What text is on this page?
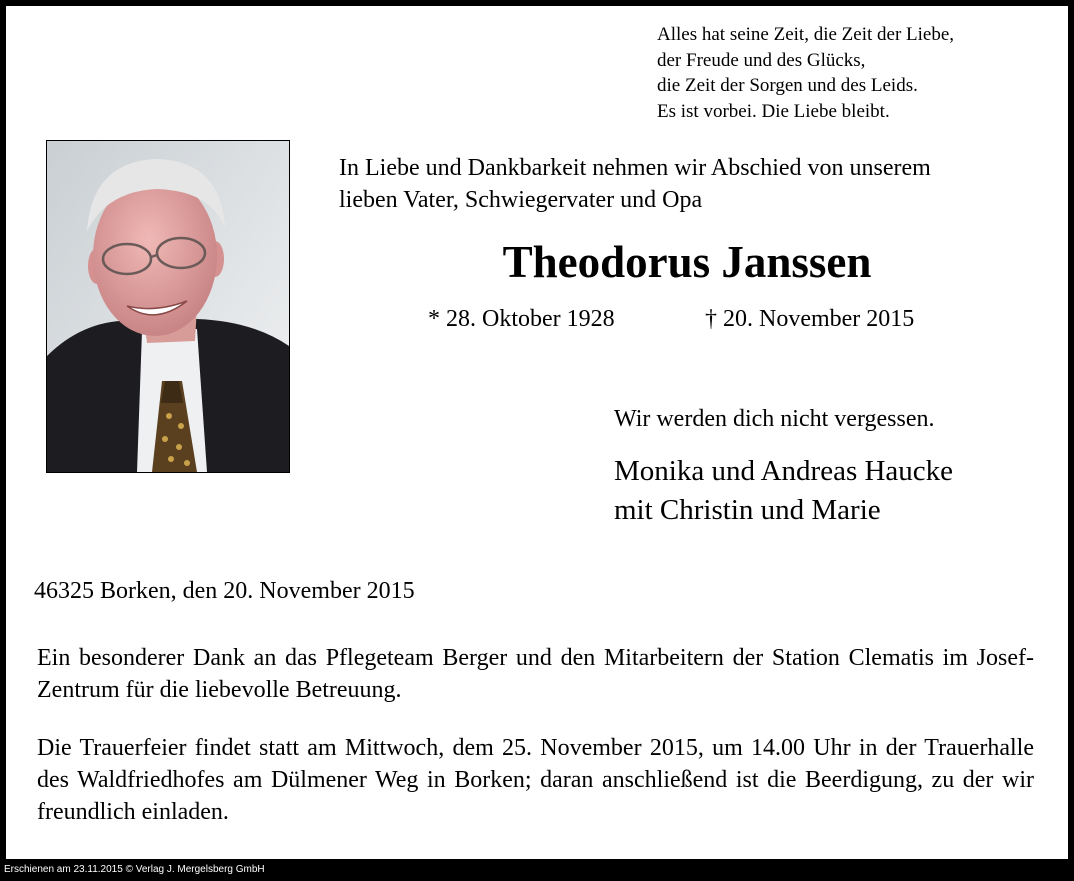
Alles hat seine Zeit, die Zeit der Liebe,
der Freude und des Glücks,
die Zeit der Sorgen und des Leids.
Es ist vorbei. Die Liebe bleibt.
In Liebe und Dankbarkeit nehmen wir Abschied von unserem
lieben Vater, Schwiegervater und Opa
Theodorus Janssen
* 28. Oktober 1928	† 20. November 2015
Wir werden dich nicht vergessen.
Monika und Andreas Haucke
mit Christin und Marie
46325 Borken, den 20. November 2015
Ein besonderer Dank an das Pflegeteam Berger und den Mitarbeitern der Station Clematis im Josef-Zentrum für die liebevolle Betreuung.
Die Trauerfeier findet statt am Mittwoch, dem 25. November 2015, um 14.00 Uhr in der Trauerhalle des Waldfriedhofes am Dülmener Weg in Borken; daran anschließend ist die Beerdigung, zu der wir freundlich einladen.
Erschienen am 23.11.2015 © Verlag J. Mergelsberg GmbH
